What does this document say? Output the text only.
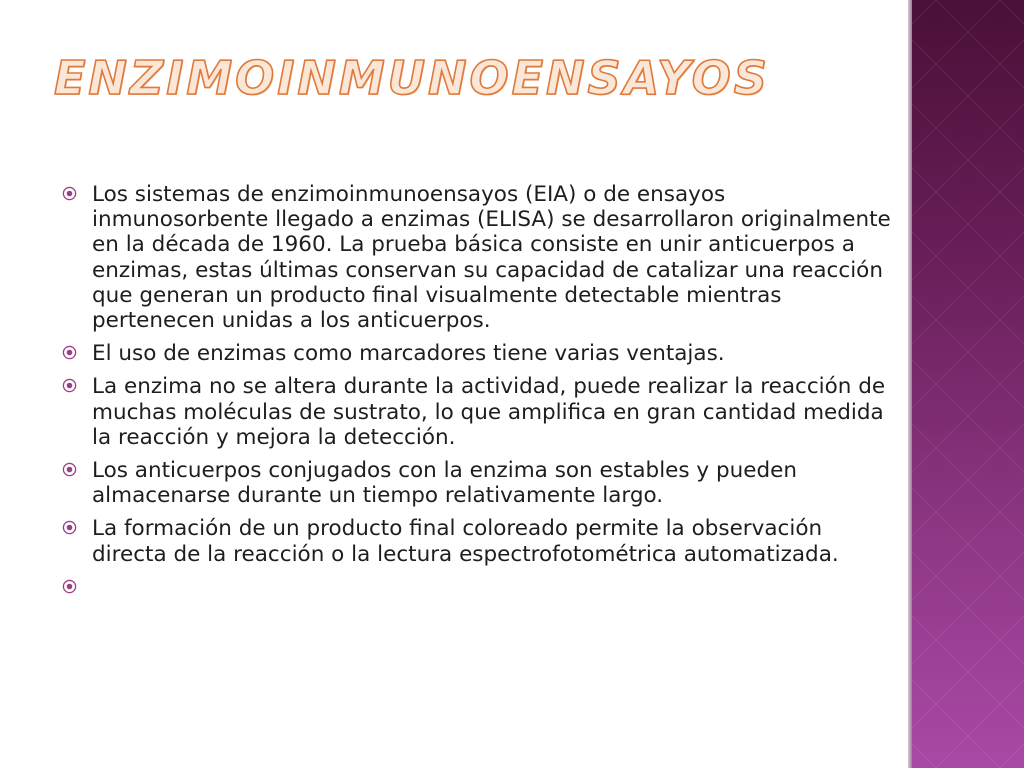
ENZIMOINMUNOENSAYOS
Los sistemas de enzimoinmunoensayos (EIA) o de ensayos inmunosorbente llegado a enzimas (ELISA) se desarrollaron originalmente en la década de 1960. La prueba básica consiste en unir anticuerpos a enzimas, estas últimas conservan su capacidad de catalizar una reacción que generan un producto final visualmente detectable mientras pertenecen unidas a los anticuerpos.
El uso de enzimas como marcadores tiene varias ventajas.
La enzima no se altera durante la actividad, puede realizar la reacción de muchas moléculas de sustrato, lo que amplifica en gran cantidad medida la reacción y mejora la detección.
Los anticuerpos conjugados con la enzima son estables y pueden almacenarse durante un tiempo relativamente largo.
La formación de un producto final coloreado permite la observación directa de la reacción o la lectura espectrofotométrica automatizada.
